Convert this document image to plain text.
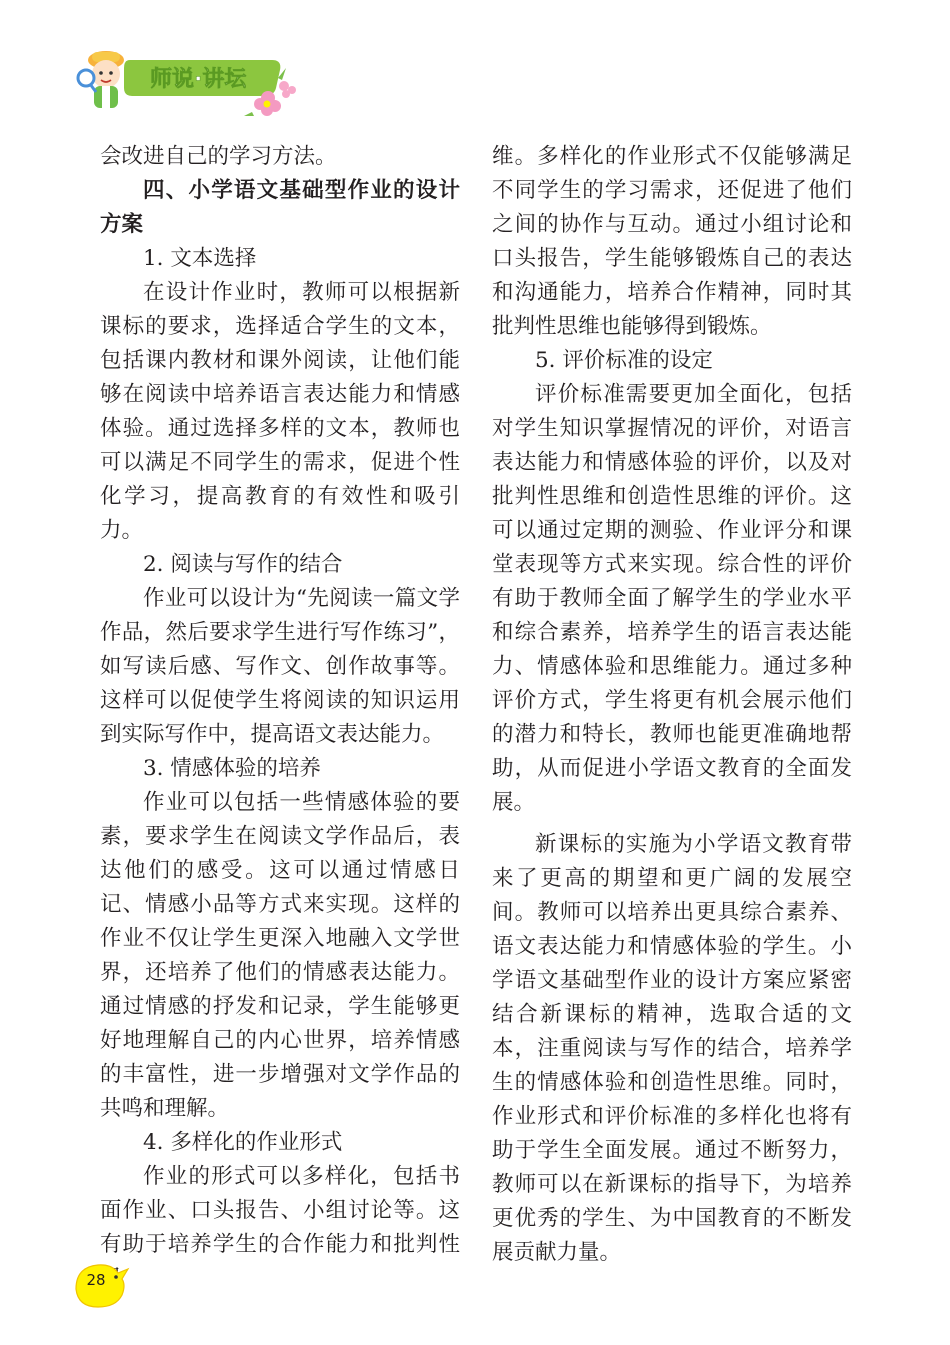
师说·讲坛

会改进自己的学习方法。

四、小学语文基础型作业的设计方案
1. 文本选择

在设计作业时，教师可以根据新课标的要求，选择适合学生的文本，包括课内教材和课外阅读，让他们能够在阅读中培养语言表达能力和情感体验。通过选择多样的文本，教师也可以满足不同学生的需求，促进个性化学习，提高教育的有效性和吸引力。

2. 阅读与写作的结合

作业可以设计为“先阅读一篇文学作品，然后要求学生进行写作练习”，如写读后感、写作文、创作故事等。这样可以促使学生将阅读的知识运用到实际写作中，提高语文表达能力。

3. 情感体验的培养

作业可以包括一些情感体验的要素，要求学生在阅读文学作品后，表达他们的感受。这可以通过情感日记、情感小品等方式来实现。这样的作业不仅让学生更深入地融入文学世界，还培养了他们的情感表达能力。通过情感的抒发和记录，学生能够更好地理解自己的内心世界，培养情感的丰富性，进一步增强对文学作品的共鸣和理解。

4. 多样化的作业形式

作业的形式可以多样化，包括书面作业、口头报告、小组讨论等。这有助于培养学生的合作能力和批判性

维。多样化的作业形式不仅能够满足不同学生的学习需求，还促进了他们之间的协作与互动。通过小组讨论和口头报告，学生能够锻炼自己的表达和沟通能力，培养合作精神，同时其批判性思维也能够得到锻炼。

5. 评价标准的设定

评价标准需要更加全面化，包括对学生知识掌握情况的评价，对语言表达能力和情感体验的评价，以及对批判性思维和创造性思维的评价。这可以通过定期的测验、作业评分和课堂表现等方式来实现。综合性的评价有助于教师全面了解学生的学业水平和综合素养，培养学生的语言表达能力、情感体验和思维能力。通过多种评价方式，学生将更有机会展示他们的潜力和特长，教师也能更准确地帮助，从而促进小学语文教育的全面发展。

新课标的实施为小学语文教育带来了更高的期望和更广阔的发展空间。教师可以培养出更具综合素养、语文表达能力和情感体验的学生。小学语文基础型作业的设计方案应紧密结合新课标的精神，选取合适的文本，注重阅读与写作的结合，培养学生的情感体验和创造性思维。同时，作业形式和评价标准的多样化也将有助于学生全面发展。通过不断努力，教师可以在新课标的指导下，为培养更优秀的学生、为中国教育的不断发展贡献力量。

28
